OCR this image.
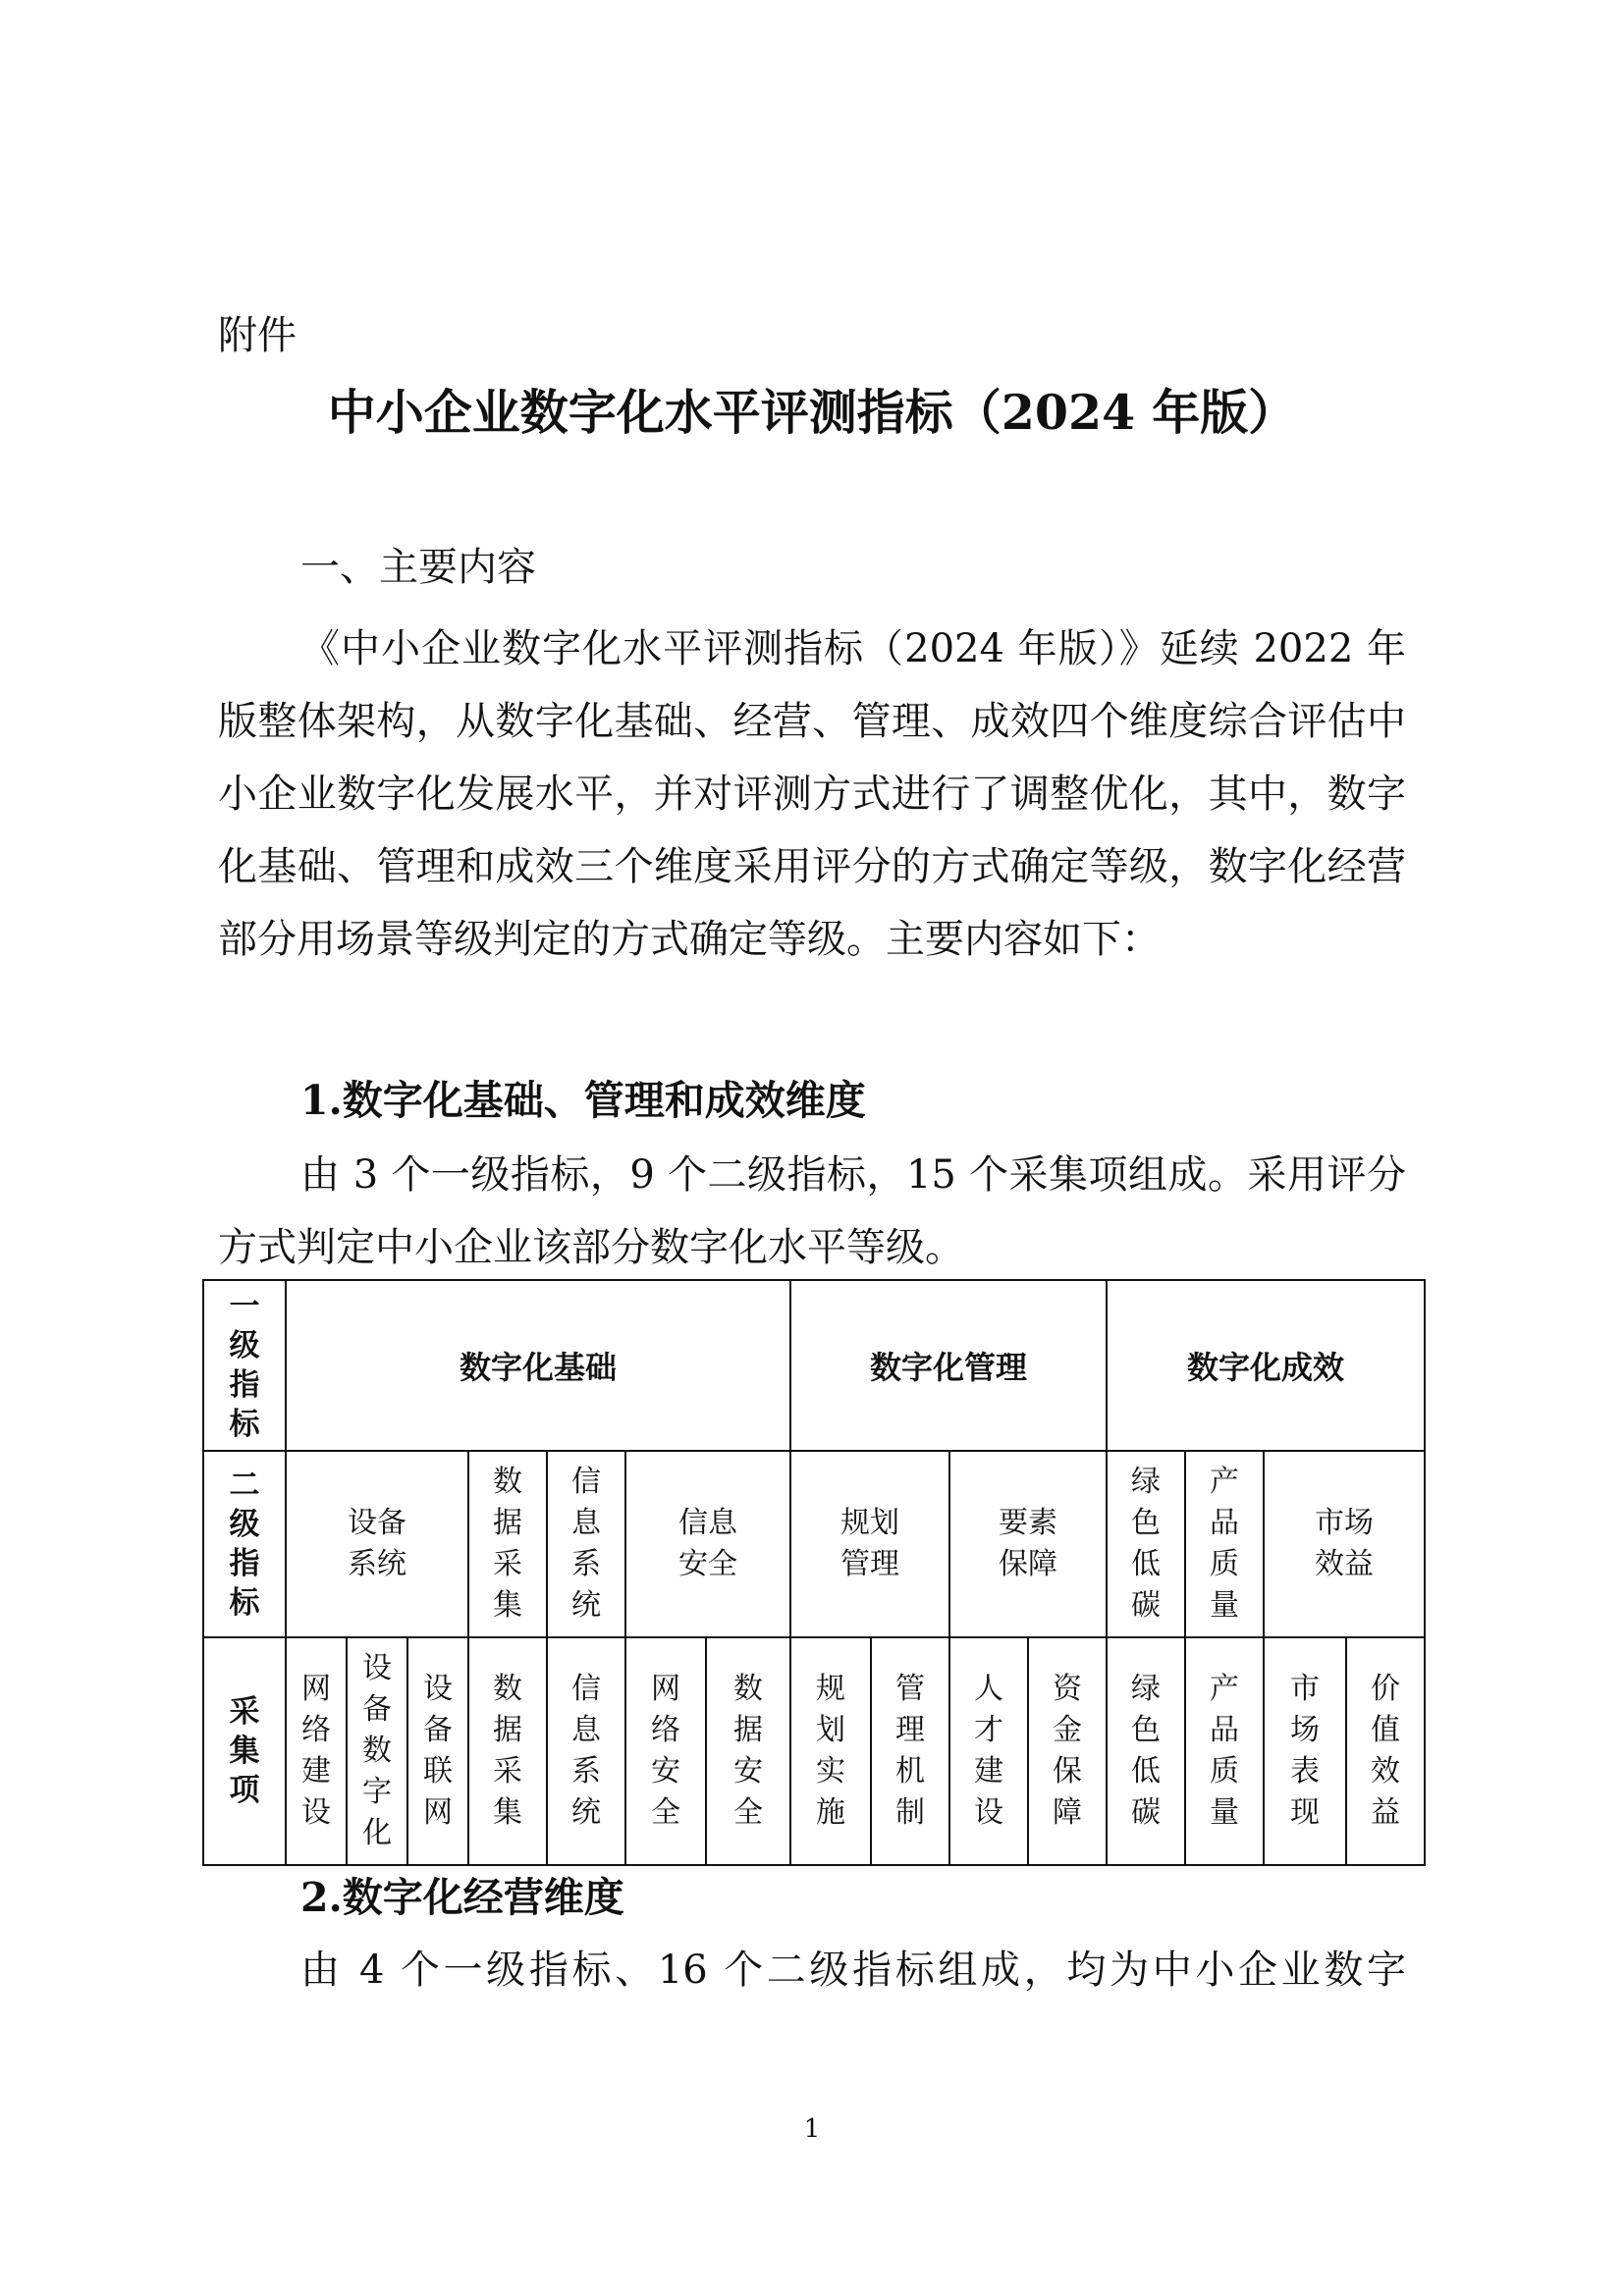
附件
中小企业数字化水平评测指标（2024 年版）
一、主要内容
《中小企业数字化水平评测指标（2024 年版）》延续 2022 年版整体架构，从数字化基础、经营、管理、成效四个维度综合评估中小企业数字化发展水平，并对评测方式进行了调整优化，其中，数字化基础、管理和成效三个维度采用评分的方式确定等级，数字化经营部分用场景等级判定的方式确定等级。主要内容如下：
1.数字化基础、管理和成效维度
由 3 个一级指标，9 个二级指标，15 个采集项组成。采用评分方式判定中小企业该部分数字化水平等级。
一级指标	数字化基础							数字化管理				数字化成效			
二级指标	设备系统			数据采集	信息系统	信息安全		规划管理		要素保障		绿色低碳	产品质量	市场效益	
采集项	网络建设	设备数字化	设备联网	数据采集	信息系统	网络安全	数据安全	规划实施	管理机制	人才建设	资金保障	绿色低碳	产品质量	市场表现	价值效益
2.数字化经营维度
由 4 个一级指标、16 个二级指标组成，均为中小企业数字
1
